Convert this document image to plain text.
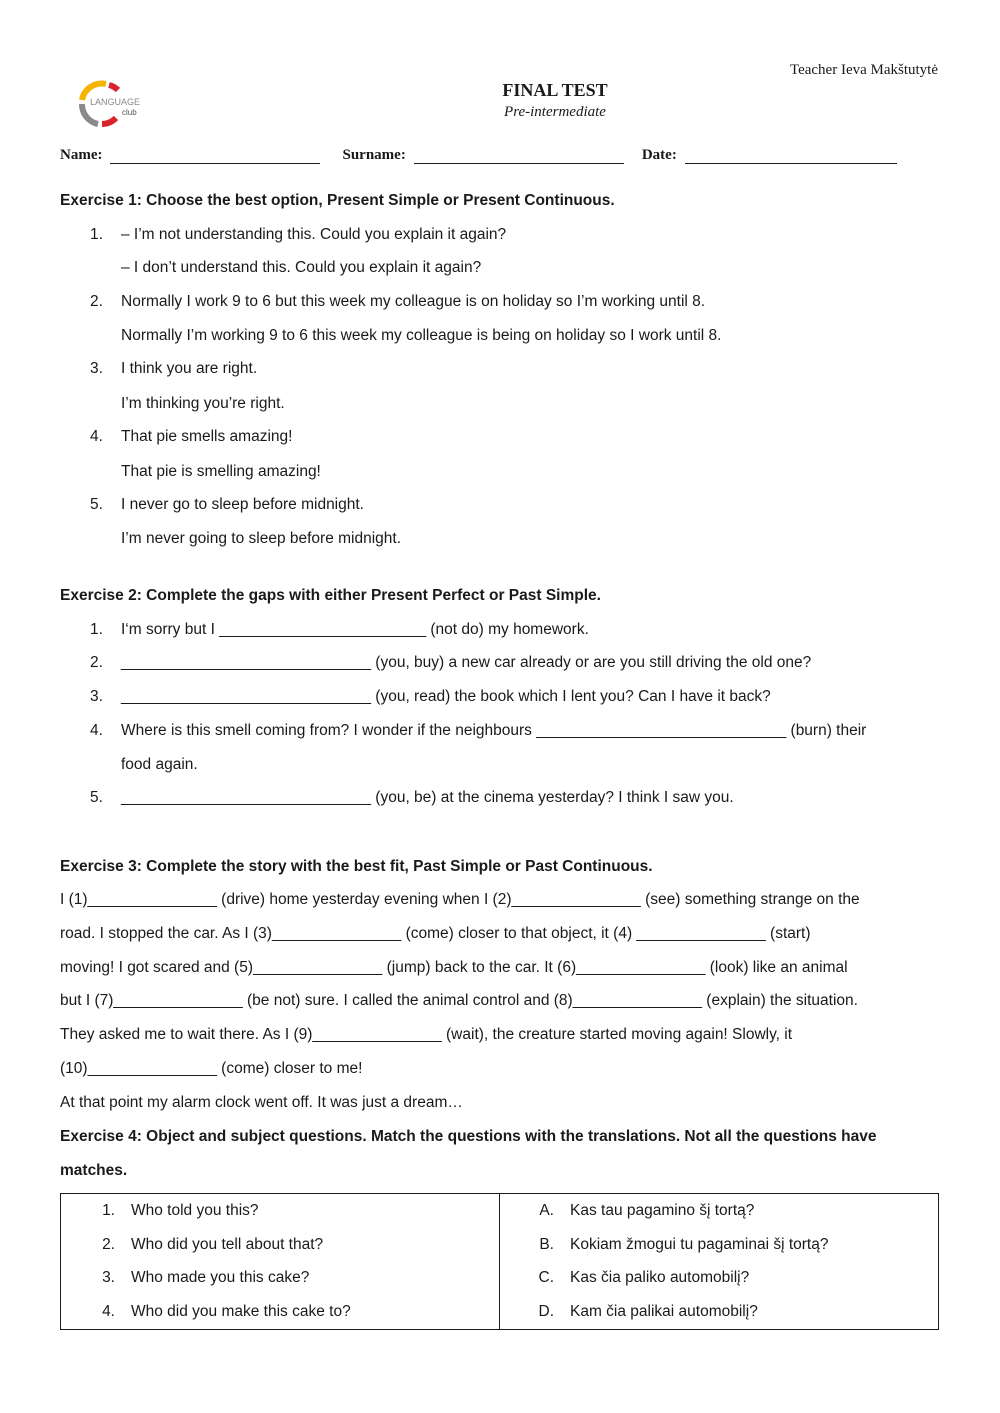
Teacher Ieva Makštutytė
LANGUAGE
club
FINAL TEST
Pre-intermediate
Name:	Surname:	Date:
Exercise 1: Choose the best option, Present Simple or Present Continuous.
1. – I’m not understanding this. Could you explain it again?
– I don’t understand this. Could you explain it again?
2. Normally I work 9 to 6 but this week my colleague is on holiday so I’m working until 8.
Normally I’m working 9 to 6 this week my colleague is being on holiday so I work until 8.
3. I think you are right.
I’m thinking you’re right.
4. That pie smells amazing!
That pie is smelling amazing!
5. I never go to sleep before midnight.
I’m never going to sleep before midnight.
Exercise 2: Complete the gaps with either Present Perfect or Past Simple.
1. I‘m sorry but I ________________________ (not do) my homework.
2. _____________________________ (you, buy) a new car already or are you still driving the old one?
3. _____________________________ (you, read) the book which I lent you? Can I have it back?
4. Where is this smell coming from? I wonder if the neighbours _____________________________ (burn) their
food again.
5. _____________________________ (you, be) at the cinema yesterday? I think I saw you.
Exercise 3: Complete the story with the best fit, Past Simple or Past Continuous.
I (1)_______________ (drive) home yesterday evening when I (2)_______________ (see) something strange on the
road. I stopped the car. As I (3)_______________ (come) closer to that object, it (4) _______________ (start)
moving! I got scared and (5)_______________ (jump) back to the car. It (6)_______________ (look) like an animal
but I (7)_______________ (be not) sure. I called the animal control and (8)_______________ (explain) the situation.
They asked me to wait there. As I (9)_______________ (wait), the creature started moving again! Slowly, it
(10)_______________ (come) closer to me!
At that point my alarm clock went off. It was just a dream…
Exercise 4: Object and subject questions. Match the questions with the translations. Not all the questions have
matches.
1.	Who told you this?
2.	Who did you tell about that?
3.	Who made you this cake?
4.	Who did you make this cake to?

A.	Kas tau pagamino šį tortą?
B.	Kokiam žmogui tu pagaminai šį tortą?
C.	Kas čia paliko automobilį?
D.	Kam čia palikai automobilį?
